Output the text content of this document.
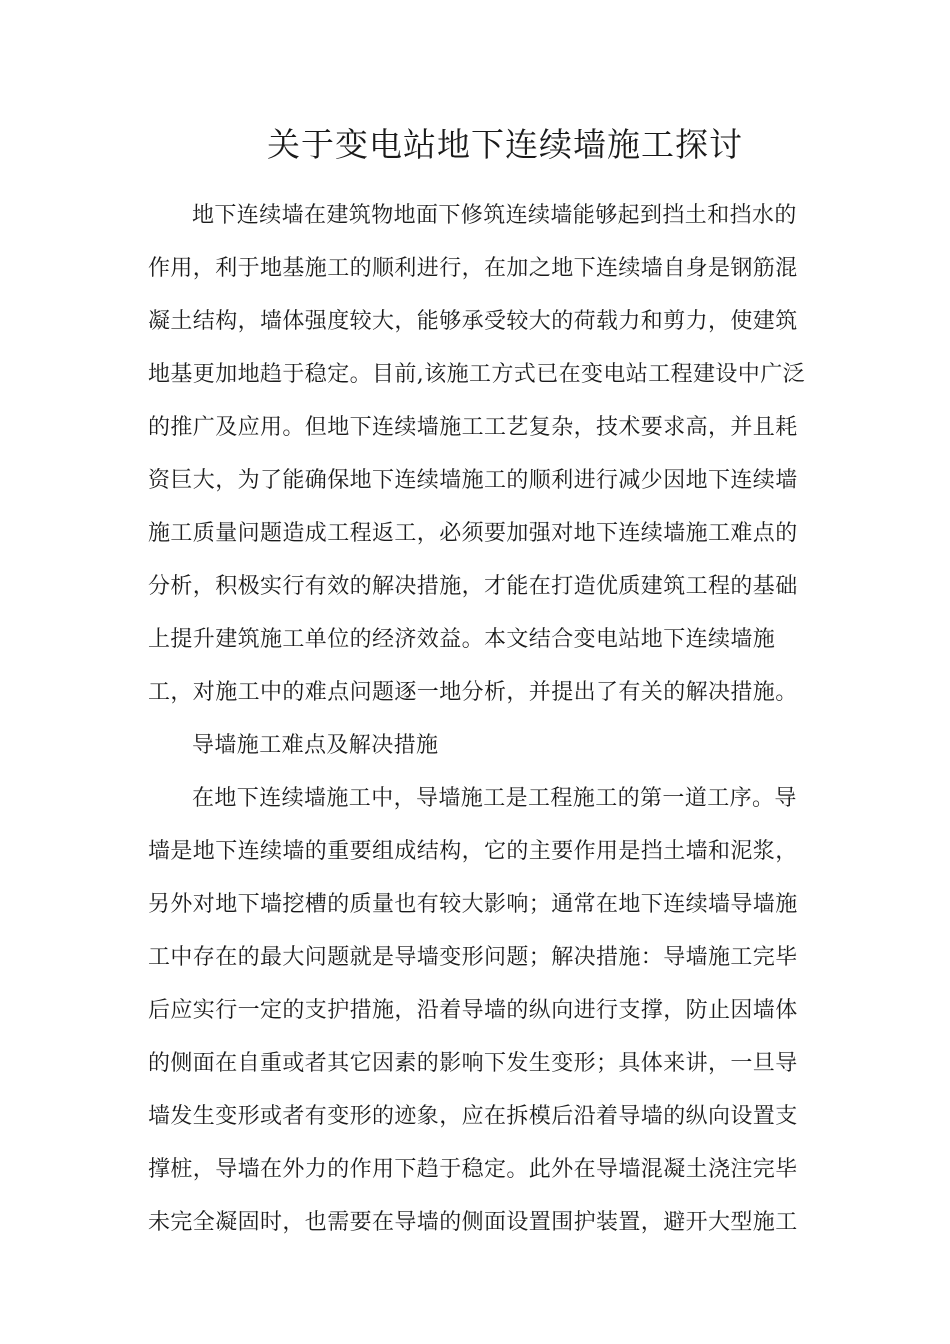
关于变电站地下连续墙施工探讨
地下连续墙在建筑物地面下修筑连续墙能够起到挡土和挡水的
作用，利于地基施工的顺利进行，在加之地下连续墙自身是钢筋混
凝土结构，墙体强度较大，能够承受较大的荷载力和剪力，使建筑
地基更加地趋于稳定。目前,该施工方式已在变电站工程建设中广泛
的推广及应用。但地下连续墙施工工艺复杂，技术要求高，并且耗
资巨大，为了能确保地下连续墙施工的顺利进行减少因地下连续墙
施工质量问题造成工程返工，必须要加强对地下连续墙施工难点的
分析，积极实行有效的解决措施，才能在打造优质建筑工程的基础
上提升建筑施工单位的经济效益。本文结合变电站地下连续墙施
工，对施工中的难点问题逐一地分析，并提出了有关的解决措施。
导墙施工难点及解决措施
在地下连续墙施工中，导墙施工是工程施工的第一道工序。导
墙是地下连续墙的重要组成结构，它的主要作用是挡土墙和泥浆，
另外对地下墙挖槽的质量也有较大影响；通常在地下连续墙导墙施
工中存在的最大问题就是导墙变形问题；解决措施：导墙施工完毕
后应实行一定的支护措施，沿着导墙的纵向进行支撑，防止因墙体
的侧面在自重或者其它因素的影响下发生变形；具体来讲，一旦导
墙发生变形或者有变形的迹象，应在拆模后沿着导墙的纵向设置支
撑桩，导墙在外力的作用下趋于稳定。此外在导墙混凝土浇注完毕
未完全凝固时，也需要在导墙的侧面设置围护装置，避开大型施工
